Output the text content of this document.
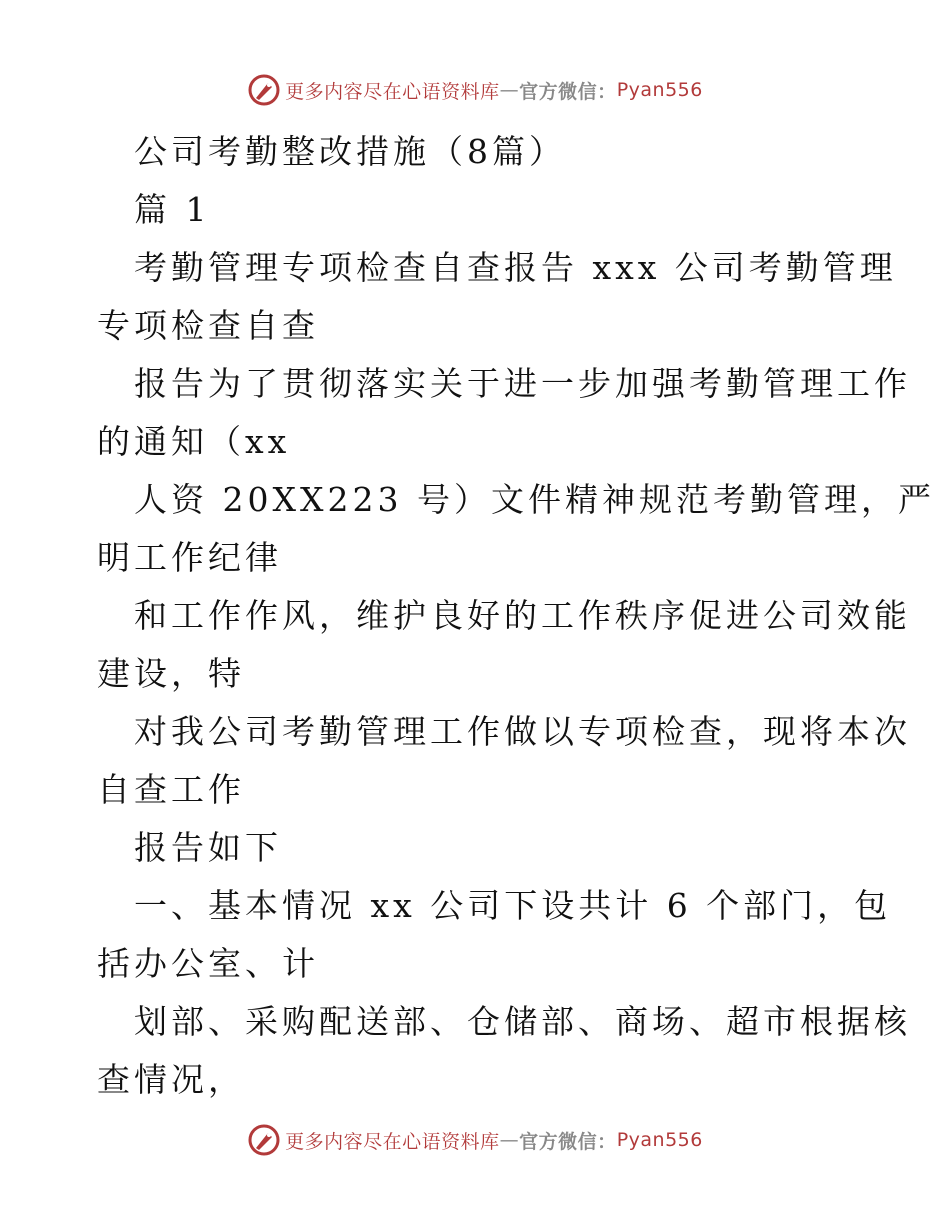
更多内容尽在心语资料库 — 官方微信： Pyan556
公司考勤整改措施（8篇）
篇 1
考勤管理专项检查自查报告 xxx 公司考勤管理
专项检查自查
报告为了贯彻落实关于进一步加强考勤管理工作
的通知（xx
人资 20XX223 号）文件精神规范考勤管理，严
明工作纪律
和工作作风，维护良好的工作秩序促进公司效能
建设，特
对我公司考勤管理工作做以专项检查，现将本次
自查工作
报告如下
一、基本情况 xx 公司下设共计 6 个部门，包
括办公室、计
划部、采购配送部、仓储部、商场、超市根据核
查情况，
更多内容尽在心语资料库 — 官方微信： Pyan556
